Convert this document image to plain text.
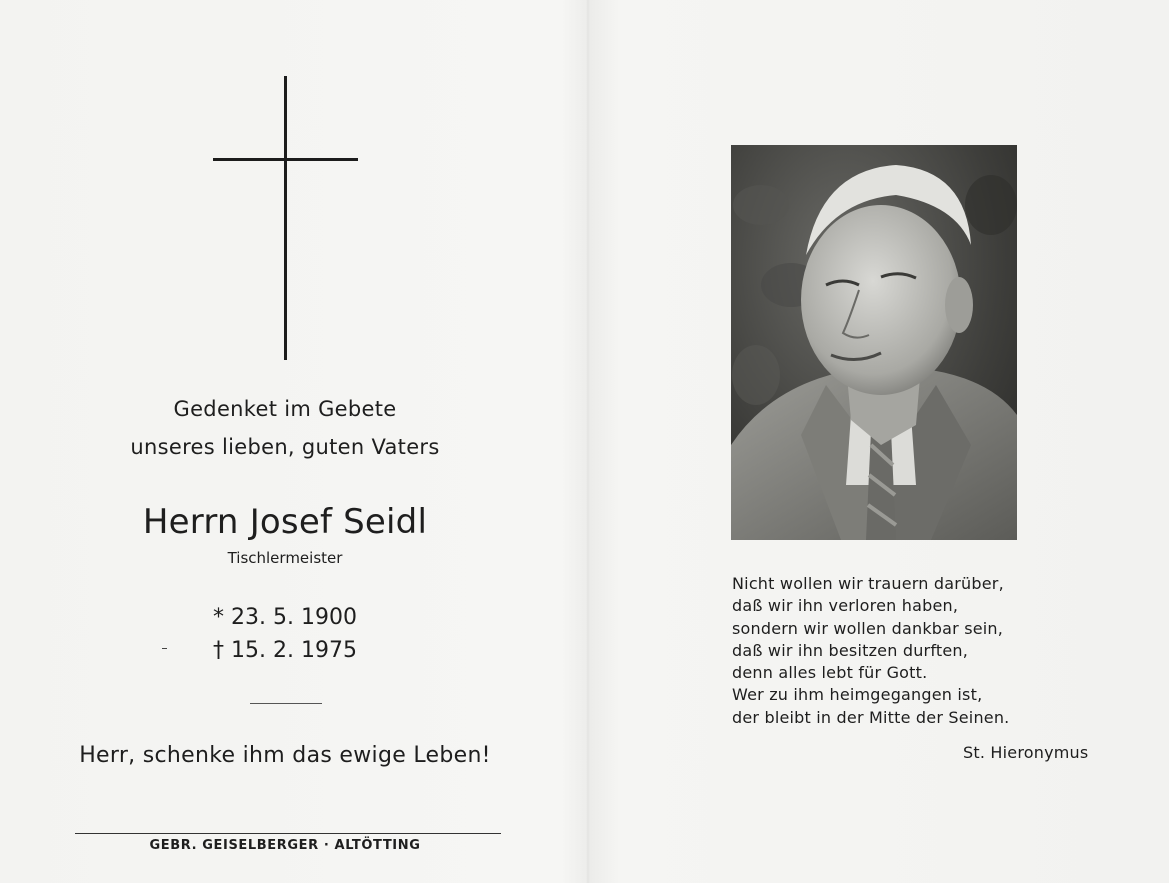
Gedenket im Gebete
unseres lieben, guten Vaters
Herrn Josef Seidl
Tischlermeister
* 23. 5. 1900
† 15. 2. 1975
Herr, schenke ihm das ewige Leben!
GEBR. GEISELBERGER · ALTÖTTING
Nicht wollen wir trauern darüber,
daß wir ihn verloren haben,
sondern wir wollen dankbar sein,
daß wir ihn besitzen durften,
denn alles lebt für Gott.
Wer zu ihm heimgegangen ist,
der bleibt in der Mitte der Seinen.
St. Hieronymus
